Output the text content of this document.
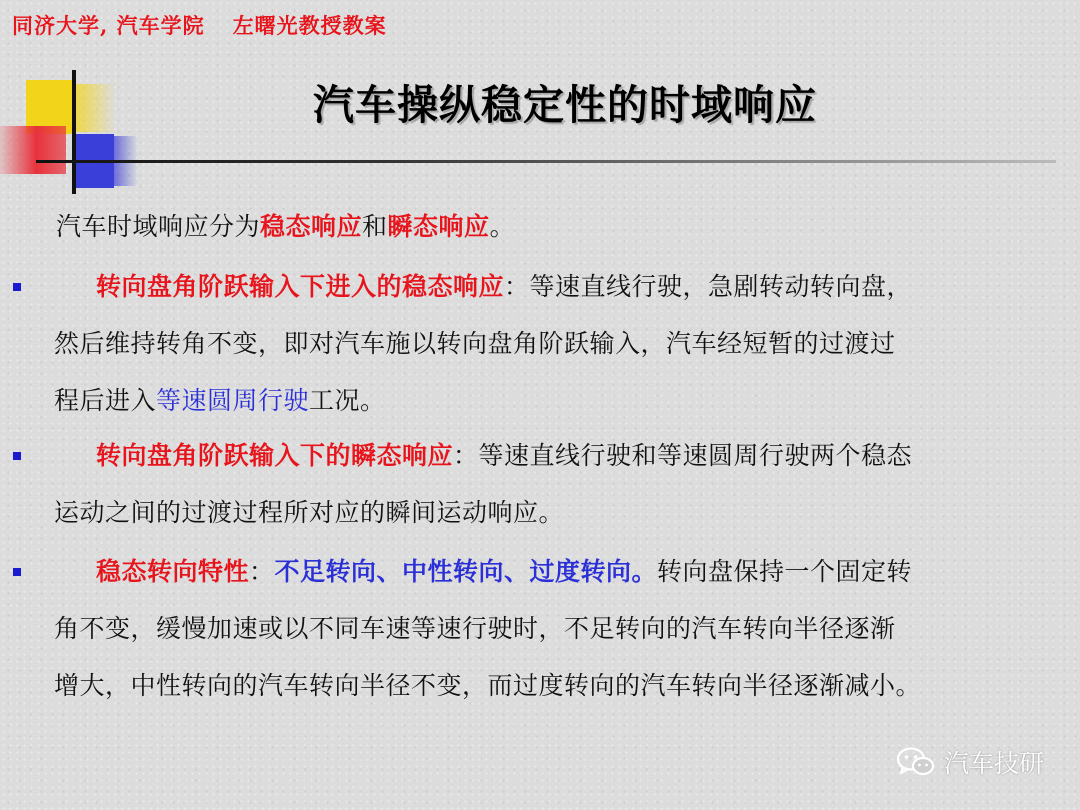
同济大学, 汽车学院 左曙光教授教案
汽车操纵稳定性的时域响应
汽车时域响应分为稳态响应和瞬态响应。

转向盘角阶跃输入下进入的稳态响应：等速直线行驶，急剧转动转向盘，

然后维持转角不变，即对汽车施以转向盘角阶跃输入，汽车经短暂的过渡过

程后进入等速圆周行驶工况。

转向盘角阶跃输入下的瞬态响应：等速直线行驶和等速圆周行驶两个稳态

运动之间的过渡过程所对应的瞬间运动响应。

稳态转向特性：不足转向、中性转向、过度转向。转向盘保持一个固定转

角不变，缓慢加速或以不同车速等速行驶时，不足转向的汽车转向半径逐渐

增大，中性转向的汽车转向半径不变，而过度转向的汽车转向半径逐渐减小。

汽车技研
